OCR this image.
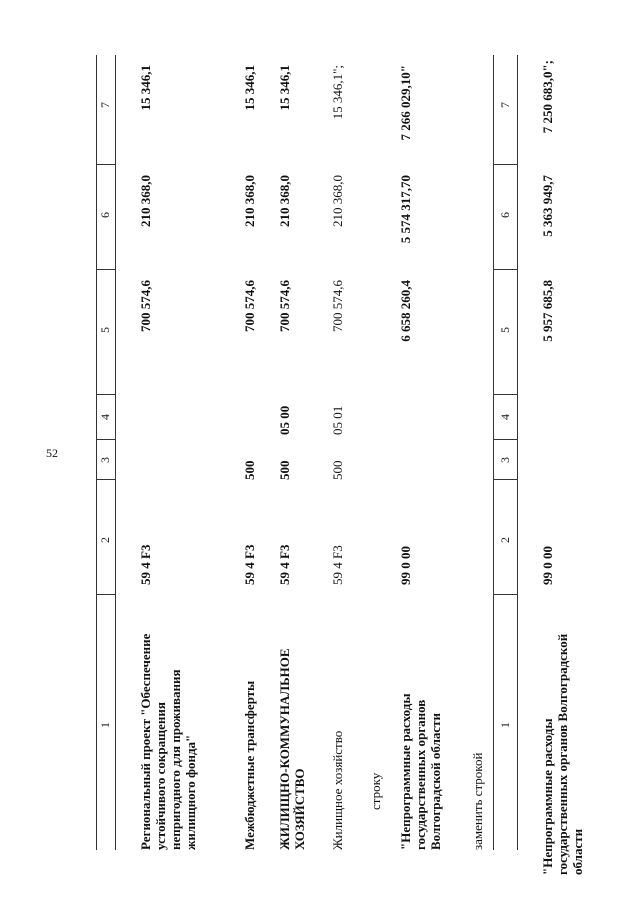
52
1
2
3
4
5
6
7
Региональный проект "Обеспечение устойчивого сокращения непригодного для проживания жилищного фонда"
59 4 F3
700 574,6
210 368,0
15 346,1
Межбюджетные трансферты
59 4 F3
500
700 574,6
210 368,0
15 346,1
ЖИЛИЩНО-КОММУНАЛЬНОЕ ХОЗЯЙСТВО
59 4 F3
500
05 00
700 574,6
210 368,0
15 346,1
Жилищное хозяйство
59 4 F3
500
05 01
700 574,6
210 368,0
15 346,1";
строку "Непрограммные расходы государственных органов Волгоградской области
99 0 00
6 658 260,4
5 574 317,70
7 266 029,10"
заменить строкой
1
2
3
4
5
6
7
"Непрограммные расходы государственных органов Волгоградской области
99 0 00
5 957 685,8
5 363 949,7
7 250 683,0";
